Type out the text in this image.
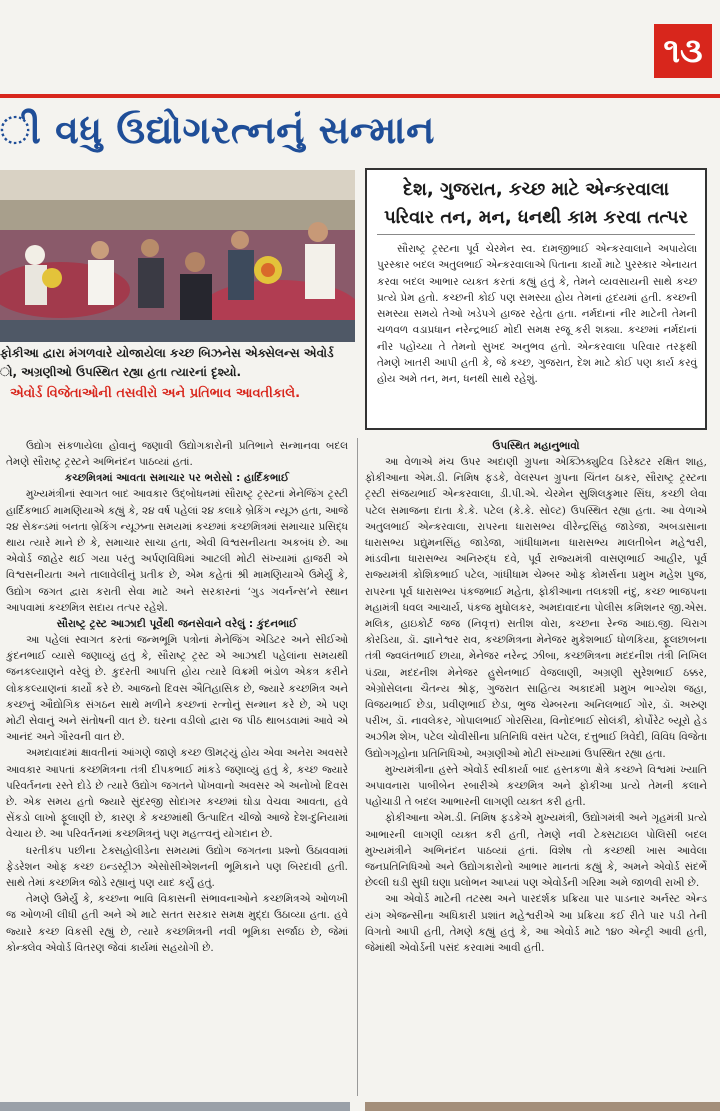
૧૩
ી વધુ ઉદ્યોગરત્નનું સન્માન
ફોકીઆ દ્વારા મંગળવારે યોજાયેલા કચ્છ બિઝનેસ એક્સેલન્સ એવોર્ડ
ો, અગ્રણીઓ ઉપસ્થિત રહ્યા હતા ત્યારનાં દૃશ્યો.
એવોર્ડ વિજેતાઓની તસવીરો અને પ્રતિભાવ આવતીકાલે.
દેશ, ગુજરાત, કચ્છ માટે એન્કરવાલા
પરિવાર તન, મન, ધનથી કામ કરવા તત્પર
સૌરાષ્ટ્ર ટ્રસ્ટના પૂર્વ ચેરમેન સ્વ. દામજીભાઈ એન્કરવાલાને અપાયેલા પુરસ્કાર બદલ અતુલભાઈ એન્કરવાલાએ પિતાના કાર્યો માટે પુરસ્કાર એનાયત કરવા બદલ આભાર વ્યક્ત કરતાં કહ્યું હતું કે, તેમને વ્યવસાયની સાથે કચ્છ પ્રત્યે પ્રેમ હતો. કચ્છની કોઈ પણ સમસ્યા હોય તેમનાં હૃદયમાં હતી. કચ્છની સમસ્યા સમયે તેઓ ખડેપગે હાજર રહેતા હતા. નર્મદાનાં નીર માટેની તેમની ચળવળ વડાપ્રધાન નરેન્દ્રભાઈ મોદી સમક્ષ રજૂ કરી શક્યા. કચ્છમાં નર્મદાનાં નીર પહોંચ્યા તે તેમનો સુખદ અનુભવ હતો. એન્કરવાલા પરિવાર તરફથી તેમણે ખાતરી આપી હતી કે, જે કચ્છ, ગુજરાત, દેશ માટે કોઈ પણ કાર્ય કરવું હોય અમે તન, મન, ધનથી સાથે રહેશું.

ઉદ્યોગ સંકળાયેલા હોવાનું જણાવી ઉદ્યોગકારોની પ્રતિભાને સન્માનવા બદલ તેમણે સૌરાષ્ટ્ર ટ્રસ્ટને અભિનંદન પાઠવ્યાં હતાં.

કચ્છમિત્રમાં આવતા સમાચાર પર ભરોસો : હાર્દિકભાઈ

મુખ્યમંત્રીનાં સ્વાગત બાદ આવકાર ઉદ્બોધનમાં સૌરાષ્ટ્ર ટ્રસ્ટનાં મેનેજિંગ ટ્રસ્ટી હાર્દિકભાઈ મામણિયાએ કહ્યું કે, ૨૪ વર્ષ પહેલાં ૨૪ કલાકે બ્રેકિંગ ન્યૂઝ હતા, આજે ૨૪ સેકન્ડમાં બનતા બ્રેકિંગ ન્યૂઝના સમયમાં કચ્છમાં કચ્છમિત્રમાં સમાચાર પ્રસિદ્ધ થાય ત્યારે માને છે કે, સમાચાર સાચા હતા, એવી વિશ્વસનીયતા અકબંધ છે. આ એવોર્ડ જાહેર થઈ ગયા પરંતુ અર્પણવિધિમાં આટલી મોટી સંખ્યામાં હાજરી એ વિશ્વસનીયતા અને તાલાવેલીનું પ્રતીક છે, એમ કહેતાં શ્રી મામણિયાએ ઉમેર્યું કે, ઉદ્યોગ જગત દ્વારા કરાતી સેવા માટે અને સરકારનાં ‘ગુડ ગવર્નન્સ’ને સ્થાન આપવામાં કચ્છમિત્ર સદાય તત્પર રહેશે.

સૌરાષ્ટ્ર ટ્રસ્ટ આઝાદી પૂર્વેથી જનસેવાને વરેલું : કુંદનભાઈ

આ પહેલાં સ્વાગત કરતાં જન્મભૂમિ પત્રોનાં મેનેજિંગ એડિટર અને સીઈઓ કુંદનભાઈ વ્યાસે જણાવ્યું હતું કે, સૌરાષ્ટ્ર ટ્રસ્ટ એ આઝાદી પહેલાંના સમયથી જનકલ્યાણને વરેલું છે. કુદરતી આપત્તિ હોય ત્યારે વિક્રમી ભંડોળ એકત્ર કરીને લોકકલ્યાણનાં કાર્યો કરે છે. આજનો દિવસ ઐતિહાસિક છે, જ્યારે કચ્છમિત્ર અને કચ્છનું ઔદ્યોગિક સંગઠન સાથે મળીને કચ્છનાં રત્નોનું સન્માન કરે છે, એ પણ મોટી સેવાનું અને સંતોષની વાત છે. ઘરના વડીલો દ્વારા જ પીઠ થાબડવામાં આવે એ આનંદ અને ગૌરવની વાત છે.

અમદાવાદમાં ક્ષાવતીનાં આંગણે જાણે કચ્છ ઊમટ્યું હોય એવા અનેરા અવસરે આવકાર આપતાં કચ્છમિત્રના તંત્રી દીપકભાઈ માંકડે જણાવ્યું હતું કે, કચ્છ જ્યારે પરિવર્તનના રસ્તે દોડે છે ત્યારે ઉદ્યોગ જગતને પોંખવાનો અવસર એ અનોખો દિવસ છે. એક સમય હતો જ્યારે સુંદરજી સોદાગર કચ્છમાં ઘોડા વેચવા આવતા, હવે સેંકડો લાખો ફૂલાણી છે, કારણ કે કચ્છમાંથી ઉત્પાદિત ચીજો આજે દેશ-દુનિયામાં વેચાય છે. આ પરિવર્તનમાં કચ્છમિત્રનું પણ મહત્ત્વનું યોગદાન છે.

ધરતીકંપ પછીના ટેક્સહોલીડેના સમયમાં ઉદ્યોગ જગતના પ્રશ્નો ઉઠાવવામાં ફેડરેશન ઓફ કચ્છ ઇન્ડસ્ટ્રીઝ એસોસીએશનની ભૂમિકાને પણ બિરદાવી હતી. સાથે તેમાં કચ્છમિત્ર જોડે રહ્યાનું પણ યાદ કર્યું હતું.

તેમણે ઉમેર્યું કે, કચ્છના ભાવિ વિકાસની સંભાવનાઓને કચ્છમિત્રએ ઓળખી જ ઓળખી લીધી હતી અને એ માટે સતત સરકાર સમક્ષ મુદ્દા ઉઠાવ્યા હતા. હવે જ્યારે કચ્છ વિકસી રહ્યું છે, ત્યારે કચ્છમિત્રની નવી ભૂમિકા સર્જાઇ છે, જેમાં કોન્ક્લેવ એવોર્ડ વિતરણ જેવાં કાર્યમાં સહયોગી છે.

ઉપસ્થિત મહાનુભાવો

આ વેળાએ મંચ ઉપર અદાણી ગ્રુપના એક્ઝિક્યુટિવ ડિરેક્ટર રક્ષિત શાહ, ફોકીઆના એમ.ડી. નિમિષ ફડકે, વેલસ્પન ગ્રુપના ચિંતન ઠાકર, સૌરાષ્ટ્ર ટ્રસ્ટના ટ્રસ્ટી સંજયભાઈ એન્કરવાલા, ડી.પી.એ. ચેરમેન સુશિલકુમાર સિંઘ, કચ્છી લેવા પટેલ સમાજના દાતા કે.કે. પટેલ (કે.કે. સોલ્ટ) ઉપસ્થિત રહ્યા હતા. આ વેળાએ અતુલભાઈ એન્કરવાલા, રાપરના ધારાસભ્ય વીરેન્દ્રસિંહ જાડેજા, અબડાસાના ધારાસભ્ય પ્રદ્યુમનસિંહ જાડેજા, ગાંધીધામના ધારાસભ્ય માલતીબેન મહેશ્વરી, માંડવીના ધારાસભ્ય અનિરુદ્ધ દવે, પૂર્વ રાજ્યમંત્રી વાસણભાઈ આહીર, પૂર્વ રાજ્યમંત્રી કોશિકભાઈ પટેલ, ગાંધીધામ ચેમ્બર ઓફ કોમર્સના પ્રમુખ મહેશ પુજ, રાપરના પૂર્વ ધારાસભ્ય પંકજભાઈ મહેતા, ફોકીઆના તલકશી નંદુ, કચ્છ ભાજપના મહામંત્રી ધવલ આચાર્ય, પંકજ મુધોલકર, અમદાવાદના પોલીસ કમિશનર જી.એસ. મલિક, હાઇકોર્ટ જજ (નિવૃત્ત) સતીશ વોરા, કચ્છના રેન્જ આઇ.જી. ચિરાગ કોરડિયા, ડૉ. જ્ઞાનેશ્વર રાવ, કચ્છમિત્રના મેનેજર મુકેશભાઈ ધોળકિયા, ફૂલછાબના તંત્રી જ્વલંતભાઈ છાયા, મેનેજર નરેન્દ્ર ઝીબા, કચ્છમિત્રના મદદનીશ તંત્રી નિખિલ પંડ્યા, મદદનીશ મેનેજર હુસેનભાઈ વેજલાણી, અગ્રણી સુરેશભાઈ ઠક્કર, એગ્રોસેલના ચૈતન્ય શ્રોફ, ગુજરાત સાહિત્ય અકાદમી પ્રમુખ ભાગ્યેશ જહા, વિજયભાઈ છેડા, પ્રવીણભાઈ છેડા, ભુજ ચેમ્બરના અનિલભાઈ ગોર, ડૉ. અરુણ પરીખ, ડૉ. નાવલેકર, ગોપાલભાઈ ગોરસિયા, વિનોદભાઈ સોલંકી, કોર્પોરેટ બ્યૂરો હેડ અઝીમ શેખ, પટેલ ચોવીસીના પ્રતિનિધિ વસંત પટેલ, દત્તુભાઈ ત્રિવેદી, વિવિધ વિજેતા ઉદ્યોગગૃહોના પ્રતિનિધિઓ, અગ્રણીઓ મોટી સંખ્યામાં ઉપસ્થિત રહ્યા હતા.

મુખ્યમંત્રીના હસ્તે એવોર્ડ સ્વીકાર્યા બાદ હસ્તકળા ક્ષેત્રે કચ્છને વિશ્વમાં ખ્યાતિ અપાવનારા પાબીબેન રબારીએ કચ્છમિત્ર અને ફોકીઆ પ્રત્યે તેમની કલાને પહોંચાડી તે બદલ આભારની લાગણી વ્યક્ત કરી હતી.

ફોકીઆના એમ.ડી. નિમિષ ફડકેએ મુખ્યમંત્રી, ઉદ્યોગમંત્રી અને ગૃહમંત્રી પ્રત્યે આભારની લાગણી વ્યક્ત કરી હતી, તેમણે નવી ટેક્સટાઇલ પોલિસી બદલ મુખ્યમંત્રીને અભિનંદન પાઠવ્યાં હતાં. વિશેષ તો કચ્છથી ખાસ આવેલા જનપ્રતિનિધિઓ અને ઉદ્યોગકારોનો આભાર માનતાં કહ્યું કે, અમને એવોર્ડ સંદર્ભે છેલ્લી ઘડી સુધી ઘણા પ્રલોભન આપ્યાં પણ એવોર્ડની ગરિમા અમે જાળવી રાખી છે.

આ એવોર્ડ માટેની તટસ્થ અને પારદર્શક પ્રક્રિયા પાર પાડનાર અર્નસ્ટ એન્ડ યંગ એજન્સીના અધિકારી પ્રશાંત મહેશ્વરીએ આ પ્રક્રિયા કઈ રીતે પાર પડી તેની વિગતો આપી હતી, તેમણે કહ્યું હતું કે, આ એવોર્ડ માટે ૧૪૦ એન્ટ્રી આવી હતી, જેમાંથી એવોર્ડની પસંદ કરવામાં આવી હતી.
